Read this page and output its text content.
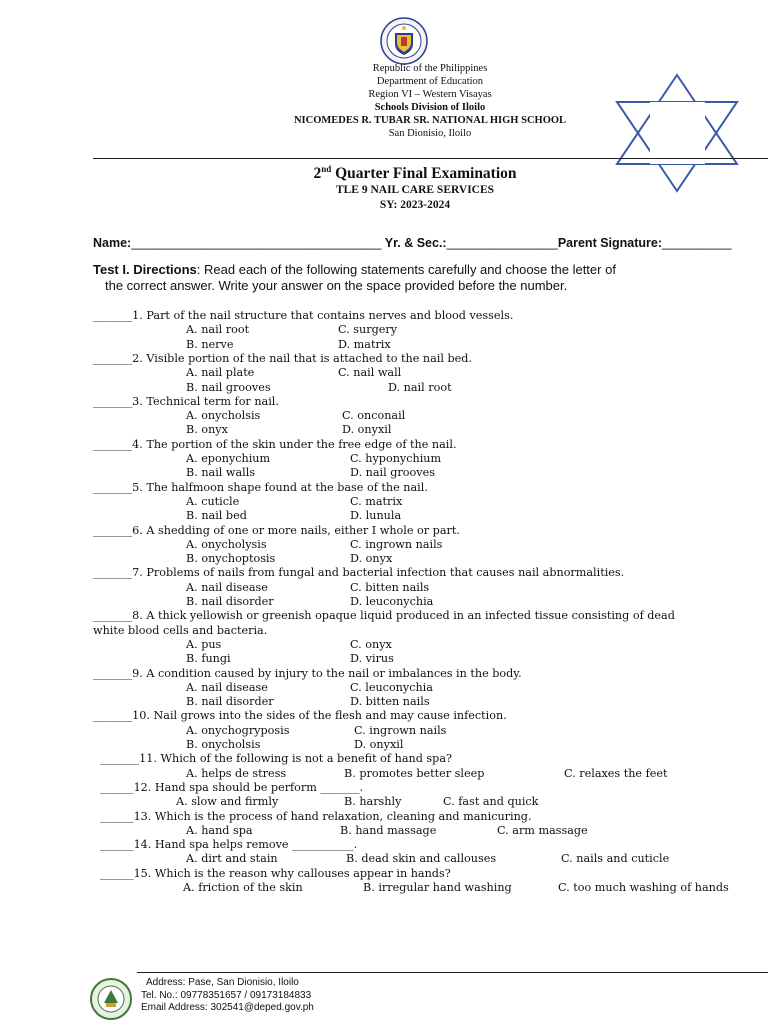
Republic of the Philippines
Department of Education
Region VI – Western Visayas
Schools Division of Iloilo
NICOMEDES R. TUBAR SR. NATIONAL HIGH SCHOOL
San Dionisio, Iloilo
2nd Quarter Final Examination
TLE 9 NAIL CARE SERVICES
SY: 2023-2024
Name:____________________________________ Yr. & Sec.:________________Parent Signature:__________
Test I. Directions: Read each of the following statements carefully and choose the letter of
the correct answer. Write your answer on the space provided before the number.
_______1. Part of the nail structure that contains nerves and blood vessels.
A. nail root	C. surgery
B. nerve	D. matrix
_______2. Visible portion of the nail that is attached to the nail bed.
A. nail plate	C. nail wall
B. nail grooves	D. nail root
_______3. Technical term for nail.
A. onycholsis	C. onconail
B. onyx	D. onyxil
_______4. The portion of the skin under the free edge of the nail.
A. eponychium	C. hyponychium
B. nail walls	D. nail grooves
_______5. The halfmoon shape found at the base of the nail.
A. cuticle	C. matrix
B. nail bed	D. lunula
_______6. A shedding of one or more nails, either I whole or part.
A. onycholysis	C. ingrown nails
B. onychoptosis	D. onyx
_______7. Problems of nails from fungal and bacterial infection that causes nail abnormalities.
A. nail disease	C. bitten nails
B. nail disorder	D. leuconychia
_______8. A thick yellowish or greenish opaque liquid produced in an infected tissue consisting of dead
white blood cells and bacteria.
A. pus	C. onyx
B. fungi	D. virus
_______9. A condition caused by injury to the nail or imbalances in the body.
A. nail disease	C. leuconychia
B. nail disorder	D. bitten nails
_______10. Nail grows into the sides of the flesh and may cause infection.
A. onychogryposis	C. ingrown nails
B. onycholsis	D. onyxil
_______11. Which of the following is not a benefit of hand spa?
A. helps de stress	B. promotes better sleep	C. relaxes the feet
______12. Hand spa should be perform _______.
A. slow and firmly	B. harshly	C. fast and quick
______13. Which is the process of hand relaxation, cleaning and manicuring.
A. hand spa	B. hand massage	C. arm massage
______14. Hand spa helps remove ___________.
A. dirt and stain	B. dead skin and callouses	C. nails and cuticle
______15. Which is the reason why callouses appear in hands?
A. friction of the skin	B. irregular hand washing	C. too much washing of hands
Address: Pase, San Dionisio, Iloilo
Tel. No.: 09778351657 / 09173184833
Email Address: 302541@deped.gov.ph
